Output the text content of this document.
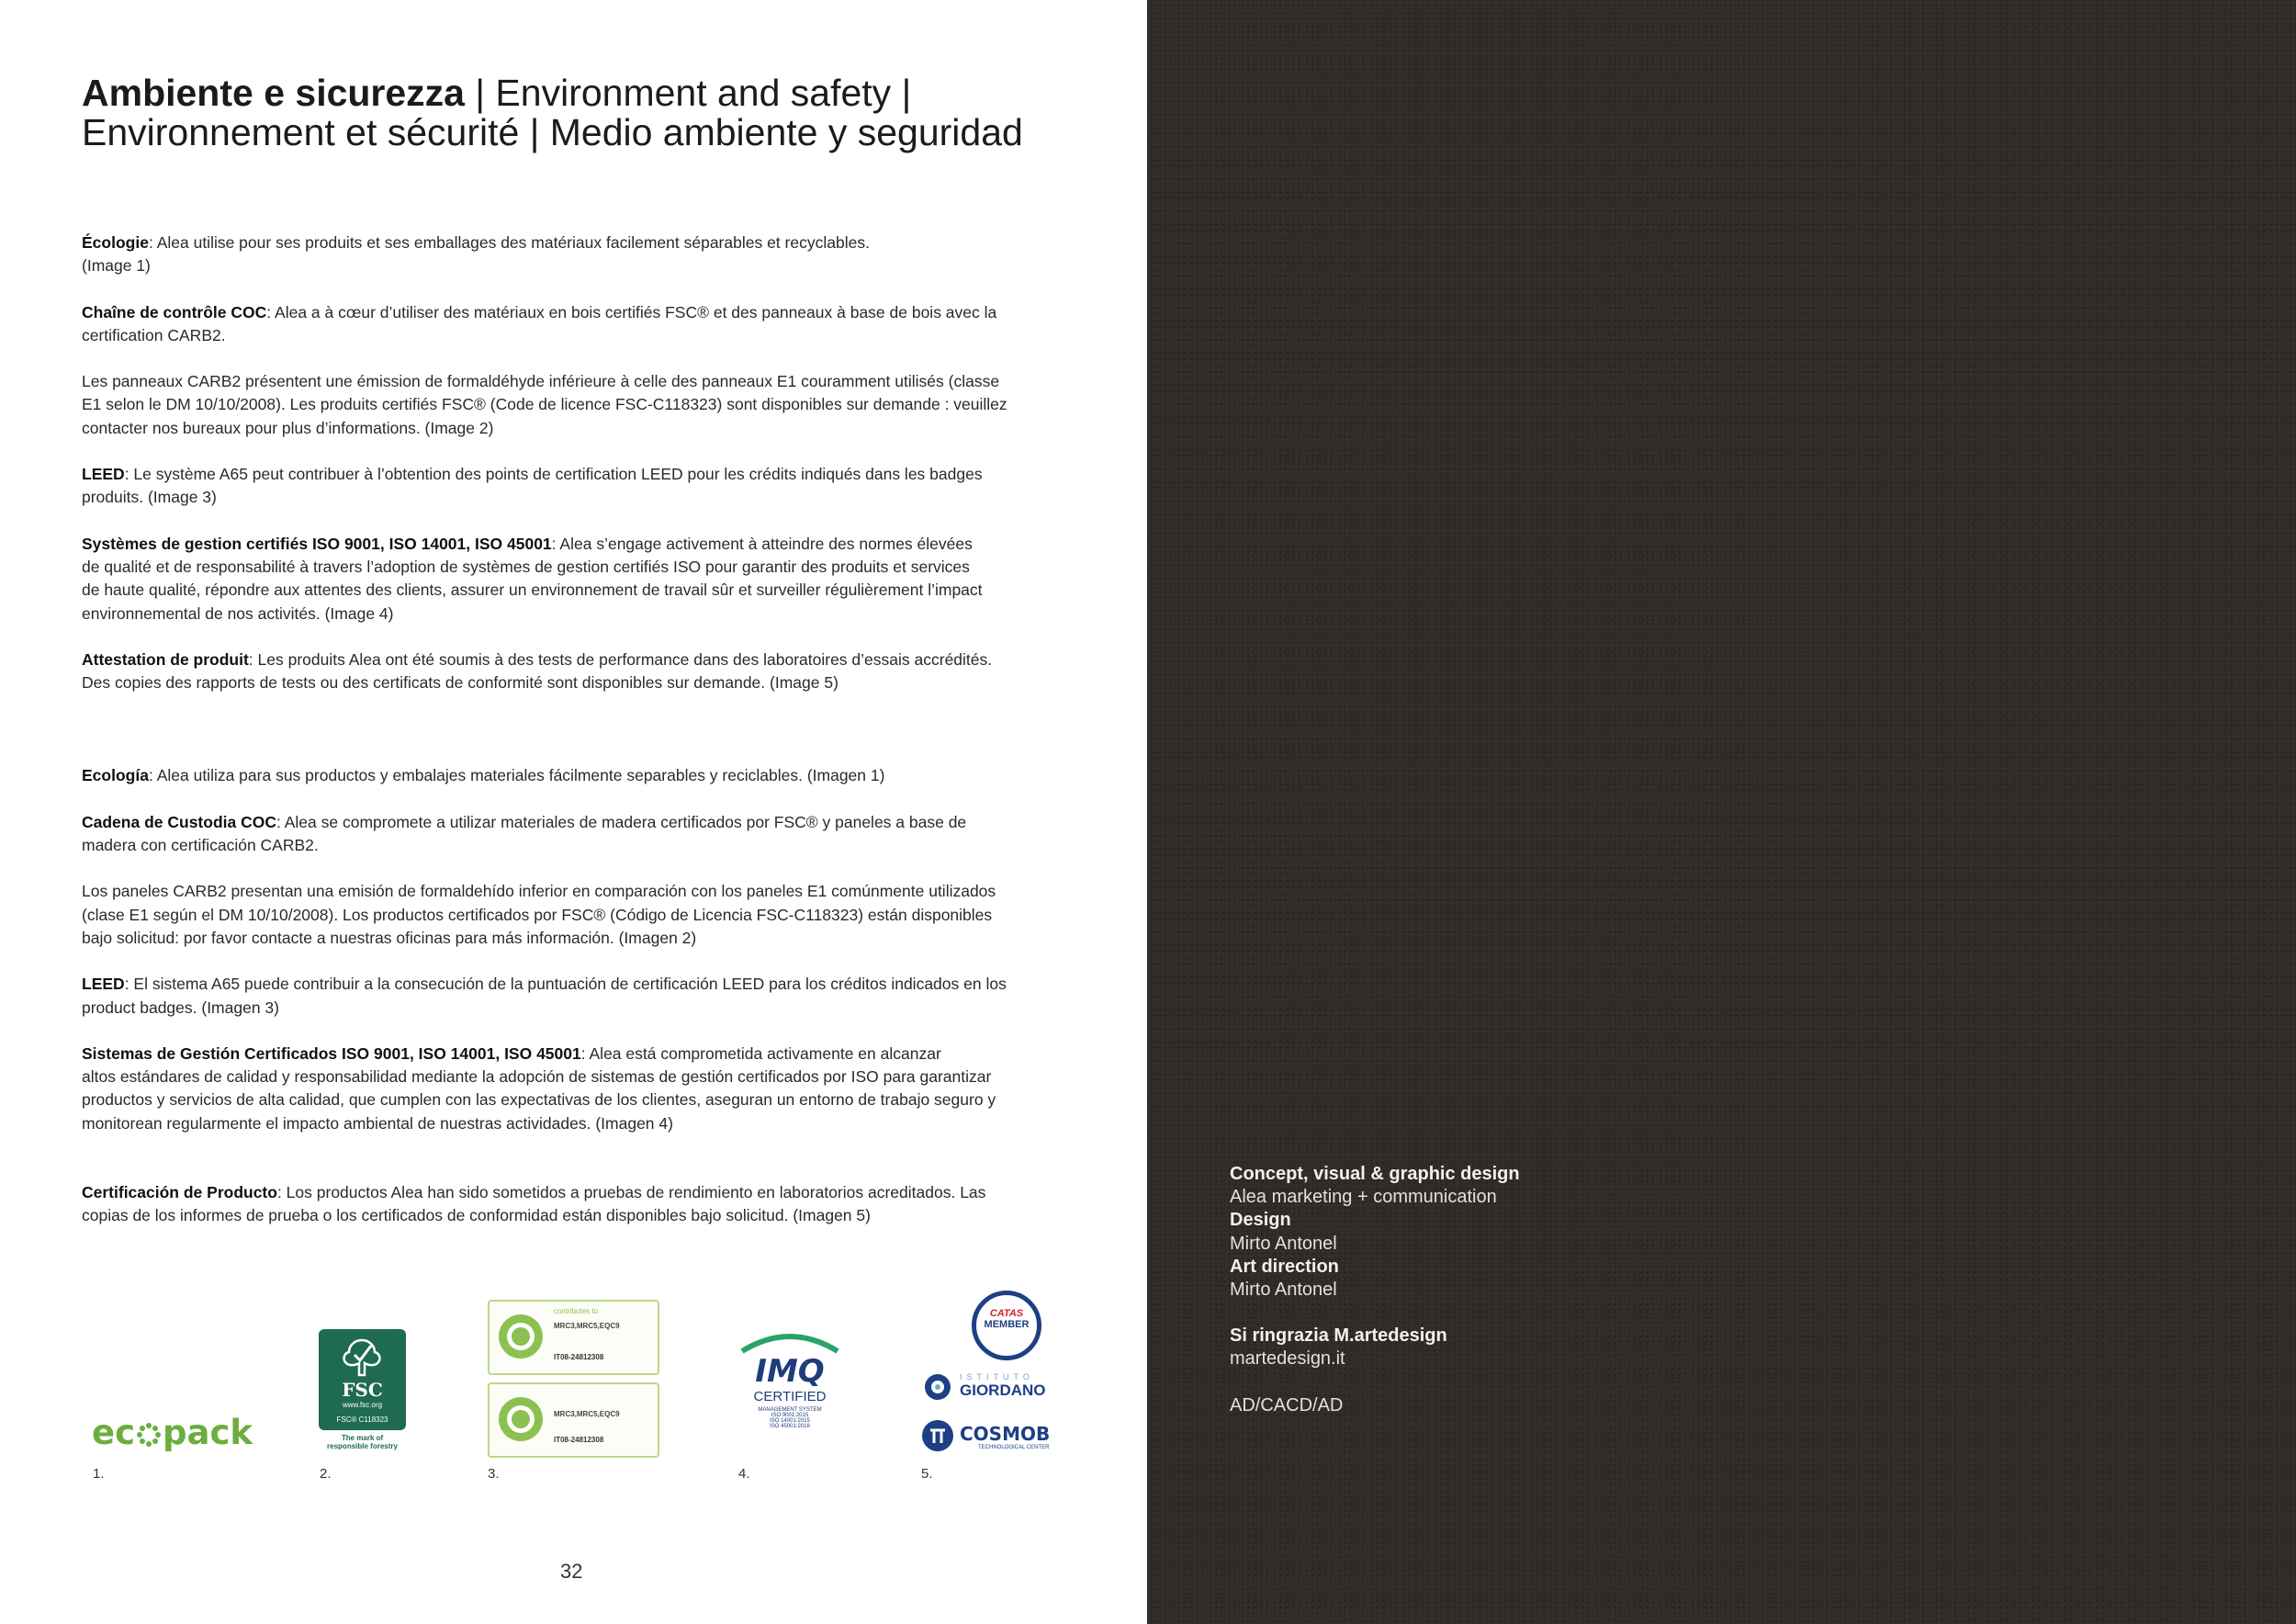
Ambiente e sicurezza | Environment and safety |
Environnement et sécurité | Medio ambiente y seguridad

Écologie: Alea utilise pour ses produits et ses emballages des matériaux facilement séparables et recyclables.
(Image 1)

Chaîne de contrôle COC: Alea a à cœur d’utiliser des matériaux en bois certifiés FSC® et des panneaux à base de bois avec la
certification CARB2.

Les panneaux CARB2 présentent une émission de formaldéhyde inférieure à celle des panneaux E1 couramment utilisés (classe
E1 selon le DM 10/10/2008). Les produits certifiés FSC® (Code de licence FSC-C118323) sont disponibles sur demande : veuillez
contacter nos bureaux pour plus d’informations. (Image 2)

LEED: Le système A65 peut contribuer à l’obtention des points de certification LEED pour les crédits indiqués dans les badges
produits. (Image 3)

Systèmes de gestion certifiés ISO 9001, ISO 14001, ISO 45001: Alea s’engage activement à atteindre des normes élevées
de qualité et de responsabilité à travers l’adoption de systèmes de gestion certifiés ISO pour garantir des produits et services
de haute qualité, répondre aux attentes des clients, assurer un environnement de travail sûr et surveiller régulièrement l’impact
environnemental de nos activités. (Image 4)

Attestation de produit: Les produits Alea ont été soumis à des tests de performance dans des laboratoires d’essais accrédités.
Des copies des rapports de tests ou des certificats de conformité sont disponibles sur demande. (Image 5)

Ecología: Alea utiliza para sus productos y embalajes materiales fácilmente separables y reciclables. (Imagen 1)

Cadena de Custodia COC: Alea se compromete a utilizar materiales de madera certificados por FSC® y paneles a base de
madera con certificación CARB2.

Los paneles CARB2 presentan una emisión de formaldehído inferior en comparación con los paneles E1 comúnmente utilizados
(clase E1 según el DM 10/10/2008). Los productos certificados por FSC® (Código de Licencia FSC-C118323) están disponibles
bajo solicitud: por favor contacte a nuestras oficinas para más información. (Imagen 2)

LEED: El sistema A65 puede contribuir a la consecución de la puntuación de certificación LEED para los créditos indicados en los
product badges. (Imagen 3)

Sistemas de Gestión Certificados ISO 9001, ISO 14001, ISO 45001: Alea está comprometida activamente en alcanzar
altos estándares de calidad y responsabilidad mediante la adopción de sistemas de gestión certificados por ISO para garantizar
productos y servicios de alta calidad, que cumplen con las expectativas de los clientes, aseguran un entorno de trabajo seguro y
monitorean regularmente el impacto ambiental de nuestras actividades. (Imagen 4)

Certificación de Producto: Los productos Alea han sido sometidos a pruebas de rendimiento en laboratorios acreditados. Las
copias de los informes de prueba o los certificados de conformidad están disponibles bajo solicitud. (Imagen 5)

ec pack
FSC
www.fsc.org
FSC® C118323
The mark of
responsible forestry
contributes to
MRC3,MRC5,EQC9
IT08-24812308
MRC3,MRC5,EQC9
IT08-24812308
IMQ
CERTIFIED
MANAGEMENT SYSTEM
ISO 9001:2015
ISO 14001:2015
ISO 45001:2018
CATAS
MEMBER
ISTITUTO
GIORDANO
COSMOB
TECHNOLOGICAL CENTER
1.	2.	3.	4.	5.
32

Concept, visual & graphic design

Alea marketing + communication

Design

Mirto Antonel

Art direction

Mirto Antonel

Si ringrazia M.artedesign

martedesign.it

AD/CACD/AD
